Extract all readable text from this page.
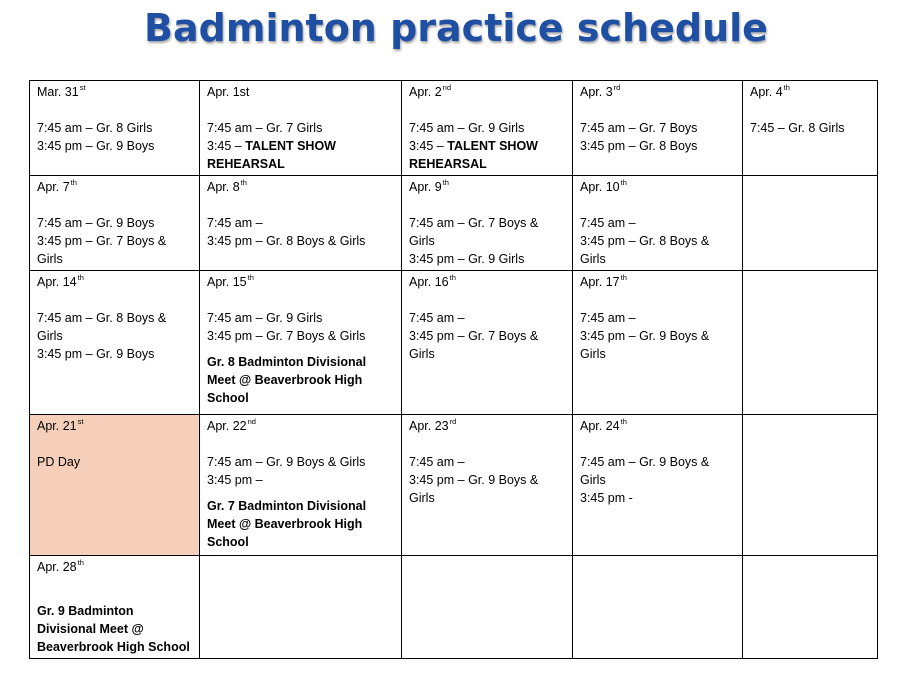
Badminton practice schedule
Mar. 31st
7:45 am – Gr. 8 Girls
3:45 pm – Gr. 9 Boys	Apr. 1st
7:45 am – Gr. 7 Girls
3:45 – TALENT SHOW REHEARSAL	Apr. 2nd
7:45 am – Gr. 9 Girls
3:45 – TALENT SHOW REHEARSAL	Apr. 3rd
7:45 am – Gr. 7 Boys
3:45 pm – Gr. 8 Boys	Apr. 4th
7:45 – Gr. 8 Girls

Apr. 7th
7:45 am – Gr. 9 Boys
3:45 pm – Gr. 7 Boys & Girls	Apr. 8th
7:45 am –
3:45 pm – Gr. 8 Boys & Girls	Apr. 9th
7:45 am – Gr. 7 Boys & Girls
3:45 pm – Gr. 9 Girls	Apr. 10th
7:45 am –
3:45 pm – Gr. 8 Boys & Girls	

Apr. 14th
7:45 am – Gr. 8 Boys & Girls
3:45 pm – Gr. 9 Boys	Apr. 15th
7:45 am – Gr. 9 Girls
3:45 pm – Gr. 7 Boys & Girls
Gr. 8 Badminton Divisional Meet @ Beaverbrook High School	Apr. 16th
7:45 am –
3:45 pm – Gr. 7 Boys & Girls	Apr. 17th
7:45 am –
3:45 pm – Gr. 9 Boys & Girls	

Apr. 21st
PD Day	Apr. 22nd
7:45 am – Gr. 9 Boys & Girls
3:45 pm –
Gr. 7 Badminton Divisional Meet @ Beaverbrook High School	Apr. 23rd
7:45 am –
3:45 pm – Gr. 9 Boys & Girls	Apr. 24th
7:45 am – Gr. 9 Boys & Girls
3:45 pm -	

Apr. 28th
Gr. 9 Badminton Divisional Meet @ Beaverbrook High School				
